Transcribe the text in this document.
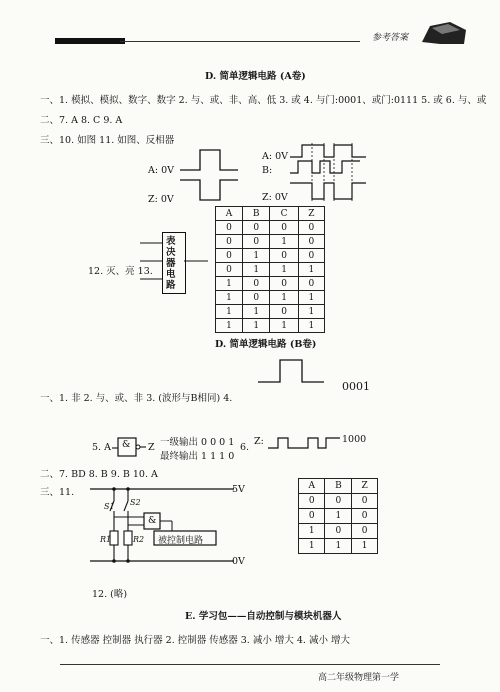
参考答案
D. 简单逻辑电路 (A卷)
一、1. 模拟、模拟、数字、数字 2. 与、或、非、高、低 3. 或 4. 与门:0001、或门:0111 5. 或 6. 与、或
二、7. A 8. C 9. A
三、10. 如图 11. 如图、反相器
A: 0V
Z: 0V
A: 0V
B:
Z: 0V
12. 灭、亮 13.
表决器电路
A	B	C	Z
0	0	0	0
0	0	1	0
0	1	0	0
0	1	1	1
1	0	0	0
1	0	1	1
1	1	0	1
1	1	1	1
D. 简单逻辑电路 (B卷)
一、1. 非 2. 与、或、非 3. (波形与B相同) 4.
0001
5. A & Z 一级输出 0 0 0 1
最终输出 1 1 1 0
6.
Z:	1000
二、7. BD 8. B 9. B 10. A
三、11.	5V
0V
S1 S2
R1	R2
&
被控制电路
A	B	Z
0	0	0
0	1	0
1	0	0
1	1	1
12. (略)
E. 学习包——自动控制与模块机器人
一、1. 传感器 控制器 执行器 2. 控制器 传感器 3. 减小 增大 4. 减小 增大
高二年级物理第一学
